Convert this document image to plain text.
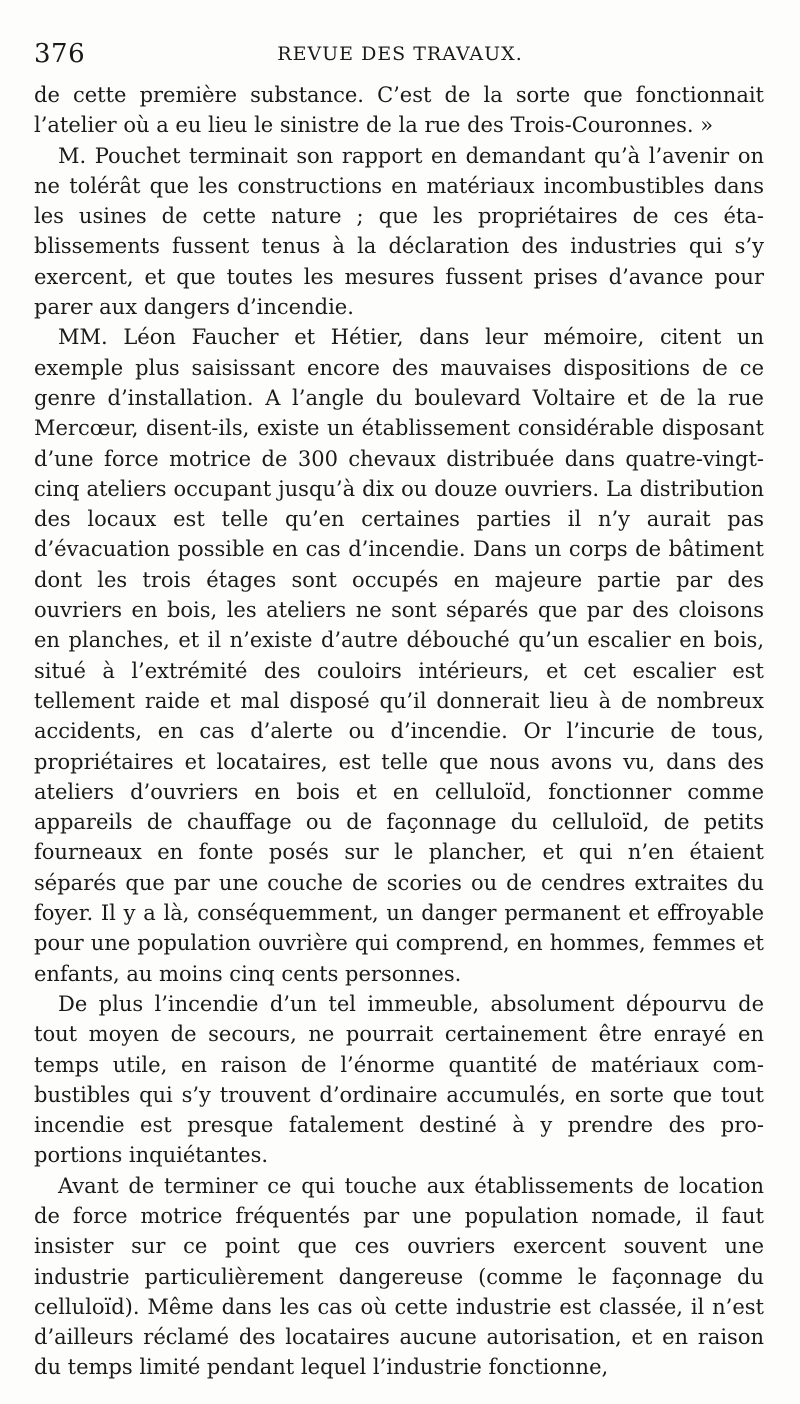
376	REVUE DES TRAVAUX.

de cette première substance. C’est de la sorte que fonctionnait l’atelier où a eu lieu le sinistre de la rue des Trois-Couronnes. »

M. Pouchet terminait son rapport en demandant qu’à l’avenir on ne tolérât que les constructions en matériaux incombustibles dans les usines de cette nature ; que les propriétaires de ces établissements fussent tenus à la déclaration des industries qui s’y exercent, et que toutes les mesures fussent prises d’avance pour parer aux dangers d’incendie.

MM. Léon Faucher et Hétier, dans leur mémoire, citent un exemple plus saisissant encore des mauvaises dispositions de ce genre d’installation. A l’angle du boulevard Voltaire et de la rue Mercœur, disent-ils, existe un établissement considérable disposant d’une force motrice de 300 chevaux distribuée dans quatre-vingt-cinq ateliers occupant jusqu’à dix ou douze ouvriers. La distribution des locaux est telle qu’en certaines parties il n’y aurait pas d’évacuation possible en cas d’incendie. Dans un corps de bâtiment dont les trois étages sont occupés en majeure partie par des ouvriers en bois, les ateliers ne sont séparés que par des cloisons en planches, et il n’existe d’autre débouché qu’un escalier en bois, situé à l’extrémité des couloirs intérieurs, et cet escalier est tellement raide et mal disposé qu’il donnerait lieu à de nombreux accidents, en cas d’alerte ou d’incendie. Or l’incurie de tous, propriétaires et locataires, est telle que nous avons vu, dans des ateliers d’ouvriers en bois et en celluloïd, fonctionner comme appareils de chauffage ou de façonnage du celluloïd, de petits fourneaux en fonte posés sur le plancher, et qui n’en étaient séparés que par une couche de scories ou de cendres extraites du foyer. Il y a là, conséquemment, un danger permanent et effroyable pour une population ouvrière qui comprend, en hommes, femmes et enfants, au moins cinq cents personnes.

De plus l’incendie d’un tel immeuble, absolument dépourvu de tout moyen de secours, ne pourrait certainement être enrayé en temps utile, en raison de l’énorme quantité de matériaux combustibles qui s’y trouvent d’ordinaire accumulés, en sorte que tout incendie est presque fatalement destiné à y prendre des proportions inquiétantes.

Avant de terminer ce qui touche aux établissements de location de force motrice fréquentés par une population nomade, il faut insister sur ce point que ces ouvriers exercent souvent une industrie particulièrement dangereuse (comme le façonnage du celluloïd). Même dans les cas où cette industrie est classée, il n’est d’ailleurs réclamé des locataires aucune autorisation, et en raison du temps limité pendant lequel l’industrie fonctionne,
